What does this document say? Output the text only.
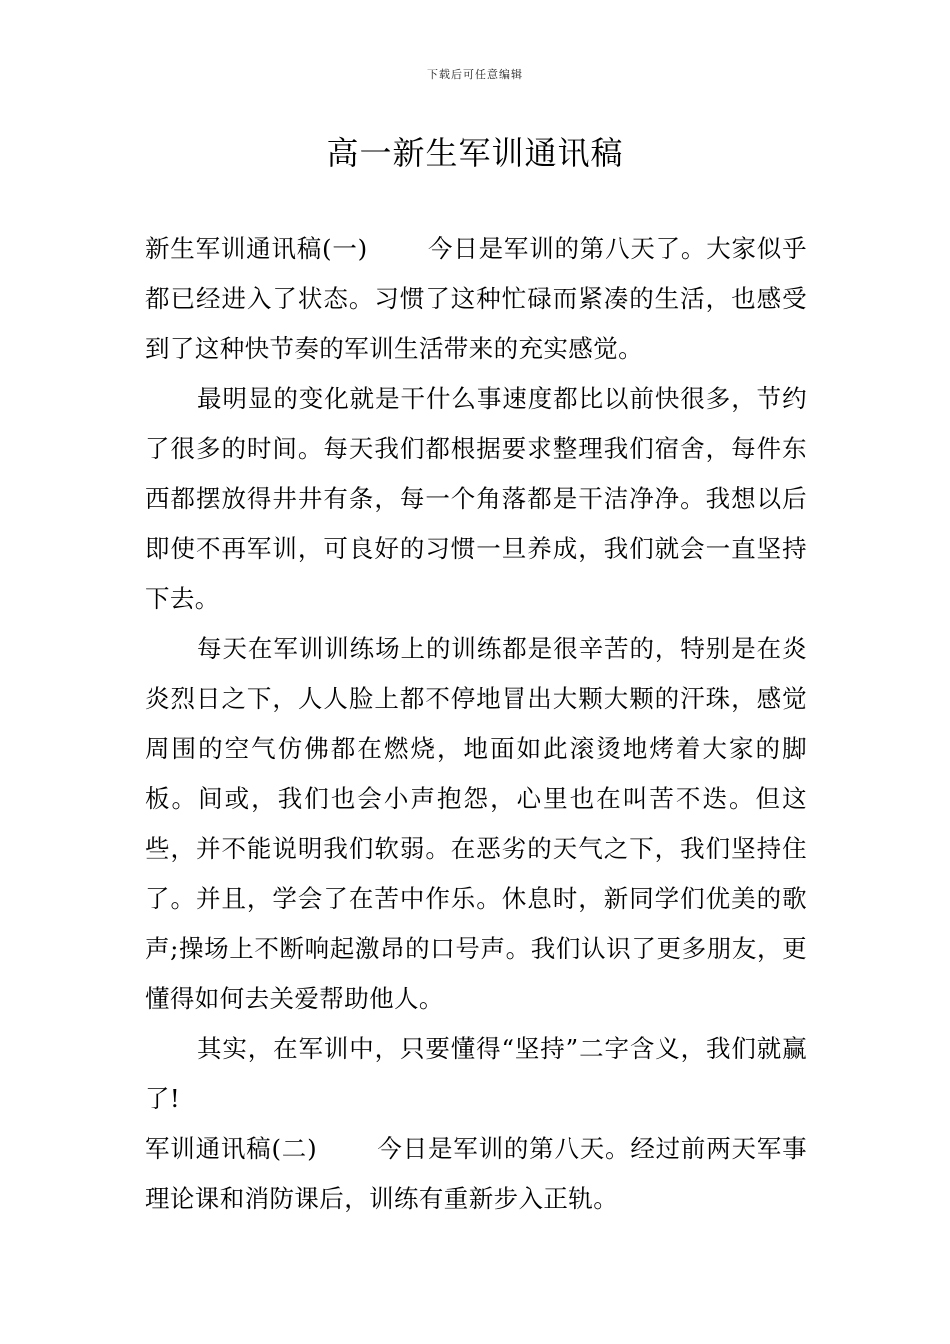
下载后可任意编辑
高一新生军训通讯稿

新生军训通讯稿(一) 今日是军训的第八天了。大家似乎都已经进入了状态。习惯了这种忙碌而紧凑的生活，也感受到了这种快节奏的军训生活带来的充实感觉。

最明显的变化就是干什么事速度都比以前快很多，节约了很多的时间。每天我们都根据要求整理我们宿舍，每件东西都摆放得井井有条，每一个角落都是干洁净净。我想以后即使不再军训，可良好的习惯一旦养成，我们就会一直坚持下去。

每天在军训训练场上的训练都是很辛苦的，特别是在炎炎烈日之下，人人脸上都不停地冒出大颗大颗的汗珠，感觉周围的空气仿佛都在燃烧，地面如此滚烫地烤着大家的脚板。间或，我们也会小声抱怨，心里也在叫苦不迭。但这些，并不能说明我们软弱。在恶劣的天气之下，我们坚持住了。并且，学会了在苦中作乐。休息时，新同学们优美的歌声;操场上不断响起激昂的口号声。我们认识了更多朋友，更懂得如何去关爱帮助他人。

其实，在军训中，只要懂得“坚持”二字含义，我们就赢了!

军训通讯稿(二) 今日是军训的第八天。经过前两天军事理论课和消防课后，训练有重新步入正轨。
